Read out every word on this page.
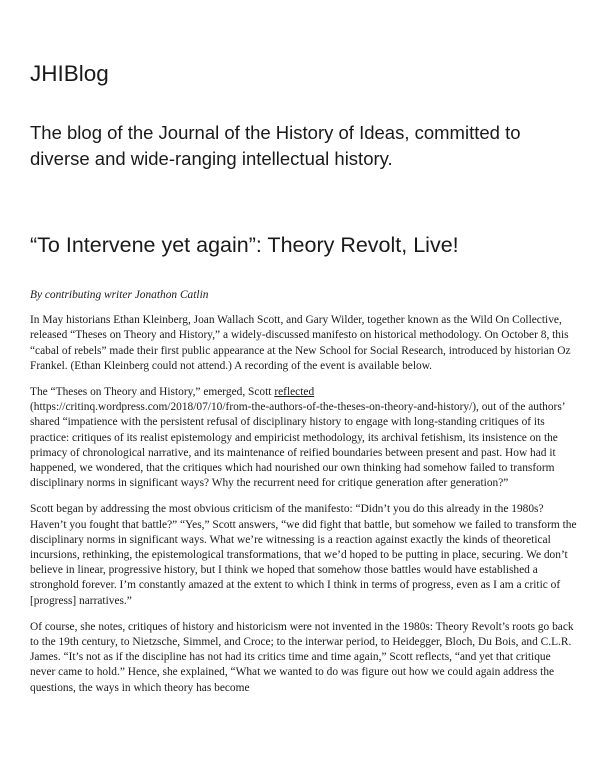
JHIBlog

The blog of the Journal of the History of Ideas, committed to diverse and wide-ranging intellectual history.

“To Intervene yet again”: Theory Revolt, Live!

By contributing writer Jonathon Catlin

In May historians Ethan Kleinberg, Joan Wallach Scott, and Gary Wilder, together known as the Wild On Collective, released “Theses on Theory and History,” a widely-discussed manifesto on historical methodology. On October 8, this “cabal of rebels” made their first public appearance at the New School for Social Research, introduced by historian Oz Frankel. (Ethan Kleinberg could not attend.) A recording of the event is available below.

The “Theses on Theory and History,” emerged, Scott reflected
(https://critinq.wordpress.com/2018/07/10/from-the-authors-of-the-theses-on-theory-and-history/), out of the authors’ shared “impatience with the persistent refusal of disciplinary history to engage with long-standing critiques of its practice: critiques of its realist epistemology and empiricist methodology, its archival fetishism, its insistence on the primacy of chronological narrative, and its maintenance of reified boundaries between present and past. How had it happened, we wondered, that the critiques which had nourished our own thinking had somehow failed to transform disciplinary norms in significant ways? Why the recurrent need for critique generation after generation?”

Scott began by addressing the most obvious criticism of the manifesto: “Didn’t you do this already in the 1980s? Haven’t you fought that battle?” “Yes,” Scott answers, “we did fight that battle, but somehow we failed to transform the disciplinary norms in significant ways. What we’re witnessing is a reaction against exactly the kinds of theoretical incursions, rethinking, the epistemological transformations, that we’d hoped to be putting in place, securing. We don’t believe in linear, progressive history, but I think we hoped that somehow those battles would have established a stronghold forever. I’m constantly amazed at the extent to which I think in terms of progress, even as I am a critic of [progress] narratives.”

Of course, she notes, critiques of history and historicism were not invented in the 1980s: Theory Revolt’s roots go back to the 19th century, to Nietzsche, Simmel, and Croce; to the interwar period, to Heidegger, Bloch, Du Bois, and C.L.R. James. “It’s not as if the discipline has not had its critics time and time again,” Scott reflects, “and yet that critique never came to hold.” Hence, she explained, “What we wanted to do was figure out how we could again address the questions, the ways in which theory has become
